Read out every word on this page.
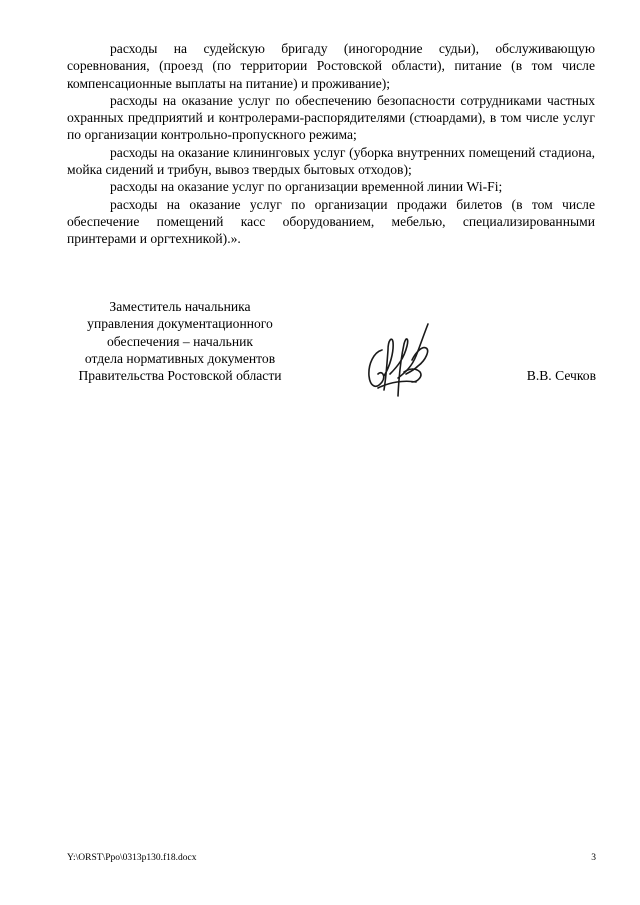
расходы на судейскую бригаду (иногородние судьи), обслуживающую соревнования, (проезд (по территории Ростовской области), питание (в том числе компенсационные выплаты на питание) и проживание);

расходы на оказание услуг по обеспечению безопасности сотрудниками частных охранных предприятий и контролерами-распорядителями (стюардами), в том числе услуг по организации контрольно-пропускного режима;

расходы на оказание клининговых услуг (уборка внутренних помещений стадиона, мойка сидений и трибун, вывоз твердых бытовых отходов);

расходы на оказание услуг по организации временной линии Wi-Fi;

расходы на оказание услуг по организации продажи билетов (в том числе обеспечение помещений касс оборудованием, мебелью, специализированными принтерами и оргтехникой).».

Заместитель начальника
управления документационного
обеспечения – начальник
отдела нормативных документов
Правительства Ростовской области	В.В. Сечков
Y:\ORST\Ppo\0313p130.f18.docx	3
